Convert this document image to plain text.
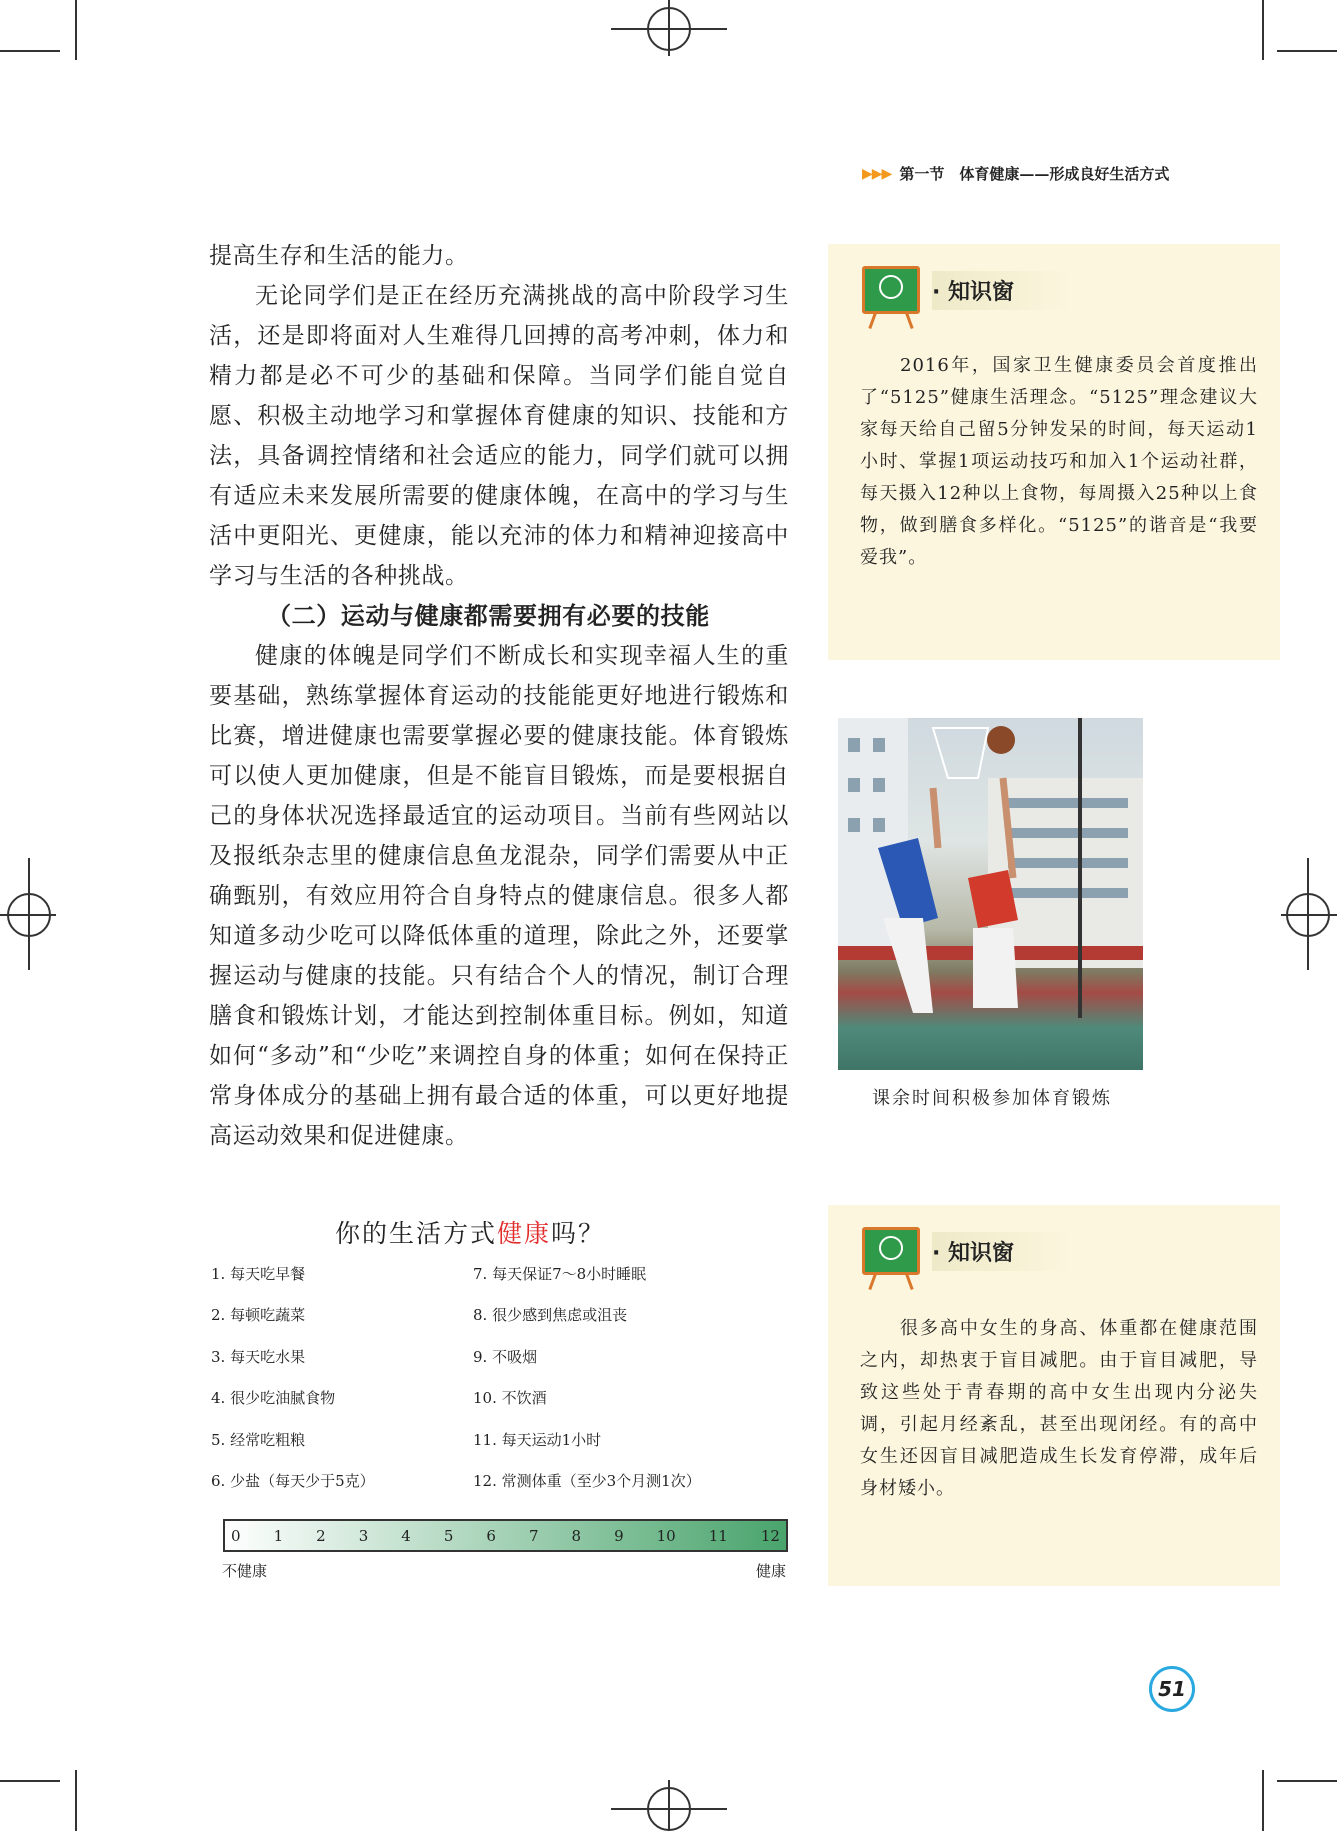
▶▶▶ 第一节　体育健康——形成良好生活方式

提高生存和生活的能力。

无论同学们是正在经历充满挑战的高中阶段学习生活，还是即将面对人生难得几回搏的高考冲刺，体力和精力都是必不可少的基础和保障。当同学们能自觉自愿、积极主动地学习和掌握体育健康的知识、技能和方法，具备调控情绪和社会适应的能力，同学们就可以拥有适应未来发展所需要的健康体魄，在高中的学习与生活中更阳光、更健康，能以充沛的体力和精神迎接高中学习与生活的各种挑战。

（二）运动与健康都需要拥有必要的技能

健康的体魄是同学们不断成长和实现幸福人生的重要基础，熟练掌握体育运动的技能能更好地进行锻炼和比赛，增进健康也需要掌握必要的健康技能。体育锻炼可以使人更加健康，但是不能盲目锻炼，而是要根据自己的身体状况选择最适宜的运动项目。当前有些网站以及报纸杂志里的健康信息鱼龙混杂，同学们需要从中正确甄别，有效应用符合自身特点的健康信息。很多人都知道多动少吃可以降低体重的道理，除此之外，还要掌握运动与健康的技能。只有结合个人的情况，制订合理膳食和锻炼计划，才能达到控制体重目标。例如，知道如何“多动”和“少吃”来调控自身的体重；如何在保持正常身体成分的基础上拥有最合适的体重，可以更好地提高运动效果和促进健康。

· 知识窗

2016年，国家卫生健康委员会首度推出了“5125”健康生活理念。“5125”理念建议大家每天给自己留5分钟发呆的时间，每天运动1小时、掌握1项运动技巧和加入1个运动社群，每天摄入12种以上食物，每周摄入25种以上食物，做到膳食多样化。“5125”的谐音是“我要爱我”。

课余时间积极参加体育锻炼
你的生活方式健康吗？
1. 每天吃早餐
2. 每顿吃蔬菜
3. 每天吃水果
4. 很少吃油腻食物
5. 经常吃粗粮
6. 少盐（每天少于5克）
7. 每天保证7～8小时睡眠
8. 很少感到焦虑或沮丧
9. 不吸烟
10. 不饮酒
11. 每天运动1小时
12. 常测体重（至少3个月测1次）
0 1 2 3 4 5 6 7 8 9 10 11 12
不健康	健康
· 知识窗

很多高中女生的身高、体重都在健康范围之内，却热衷于盲目减肥。由于盲目减肥，导致这些处于青春期的高中女生出现内分泌失调，引起月经紊乱，甚至出现闭经。有的高中女生还因盲目减肥造成生长发育停滞，成年后身材矮小。

51
